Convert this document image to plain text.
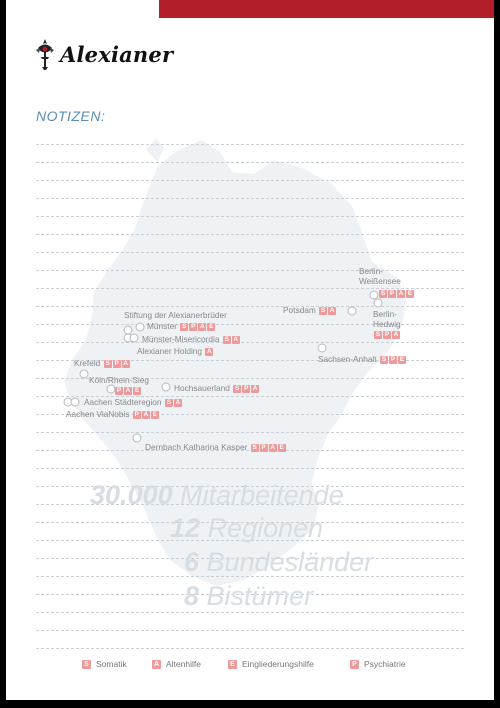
Alexianer
NOTIZEN:
30.000 Mitarbeitende
12 Regionen
6 Bundesländer
8 Bistümer
Berlin-
Weißensee
S P A E
Potsdam S A	Berlin-
Hedwig
S P A
Stiftung der Alexianerbrüder
Münster S P A E
Münster-Misericordia S A
Alexianer Holding A
Sachsen-Anhalt S P E
Krefeld S P A
Köln/Rhein-Sieg
P A E	Hochsauerland S P A
Aachen Städteregion S A
Aachen ViaNobis P A E
Dernbach Katharina Kasper S P A E
S Somatik	A Altenhilfe	E Eingliederungshilfe	P Psychiatrie
